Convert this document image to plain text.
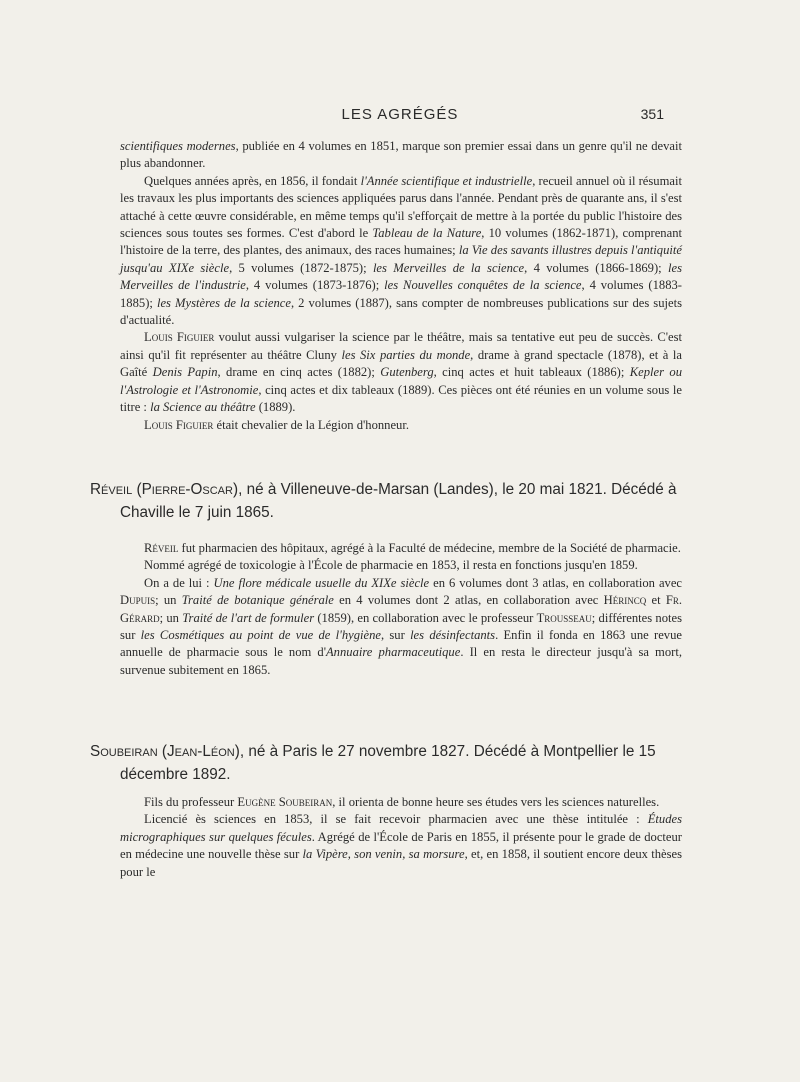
LES AGRÉGÉS	351

scientifiques modernes, publiée en 4 volumes en 1851, marque son premier essai dans un genre qu'il ne devait plus abandonner.

Quelques années après, en 1856, il fondait l'Année scientifique et industrielle, recueil annuel où il résumait les travaux les plus importants des sciences appliquées parus dans l'année. Pendant près de quarante ans, il s'est attaché à cette œuvre considérable, en même temps qu'il s'efforçait de mettre à la portée du public l'histoire des sciences sous toutes ses formes. C'est d'abord le Tableau de la Nature, 10 volumes (1862-1871), comprenant l'histoire de la terre, des plantes, des animaux, des races humaines; la Vie des savants illustres depuis l'antiquité jusqu'au XIXe siècle, 5 volumes (1872-1875); les Merveilles de la science, 4 volumes (1866-1869); les Merveilles de l'industrie, 4 volumes (1873-1876); les Nouvelles conquêtes de la science, 4 volumes (1883-1885); les Mystères de la science, 2 volumes (1887), sans compter de nombreuses publications sur des sujets d'actualité.

Louis Figuier voulut aussi vulgariser la science par le théâtre, mais sa tentative eut peu de succès. C'est ainsi qu'il fit représenter au théâtre Cluny les Six parties du monde, drame à grand spectacle (1878), et à la Gaîté Denis Papin, drame en cinq actes (1882); Gutenberg, cinq actes et huit tableaux (1886); Kepler ou l'Astrologie et l'Astronomie, cinq actes et dix tableaux (1889). Ces pièces ont été réunies en un volume sous le titre : la Science au théâtre (1889).

Louis Figuier était chevalier de la Légion d'honneur.

Réveil (Pierre-Oscar), né à Villeneuve-de-Marsan (Landes), le 20 mai 1821. Décédé à Chaville le 7 juin 1865.

Réveil fut pharmacien des hôpitaux, agrégé à la Faculté de médecine, membre de la Société de pharmacie.

Nommé agrégé de toxicologie à l'École de pharmacie en 1853, il resta en fonctions jusqu'en 1859.

On a de lui : Une flore médicale usuelle du XIXe siècle en 6 volumes dont 3 atlas, en collaboration avec Dupuis; un Traité de botanique générale en 4 volumes dont 2 atlas, en collaboration avec Hérincq et Fr. Gérard; un Traité de l'art de formuler (1859), en collaboration avec le professeur Trousseau; différentes notes sur les Cosmétiques au point de vue de l'hygiène, sur les désinfectants. Enfin il fonda en 1863 une revue annuelle de pharmacie sous le nom d'Annuaire pharmaceutique. Il en resta le directeur jusqu'à sa mort, survenue subitement en 1865.

Soubeiran (Jean-Léon), né à Paris le 27 novembre 1827. Décédé à Montpellier le 15 décembre 1892.

Fils du professeur Eugène Soubeiran, il orienta de bonne heure ses études vers les sciences naturelles.

Licencié ès sciences en 1853, il se fait recevoir pharmacien avec une thèse intitulée : Études micrographiques sur quelques fécules. Agrégé de l'École de Paris en 1855, il présente pour le grade de docteur en médecine une nouvelle thèse sur la Vipère, son venin, sa morsure, et, en 1858, il soutient encore deux thèses pour le
